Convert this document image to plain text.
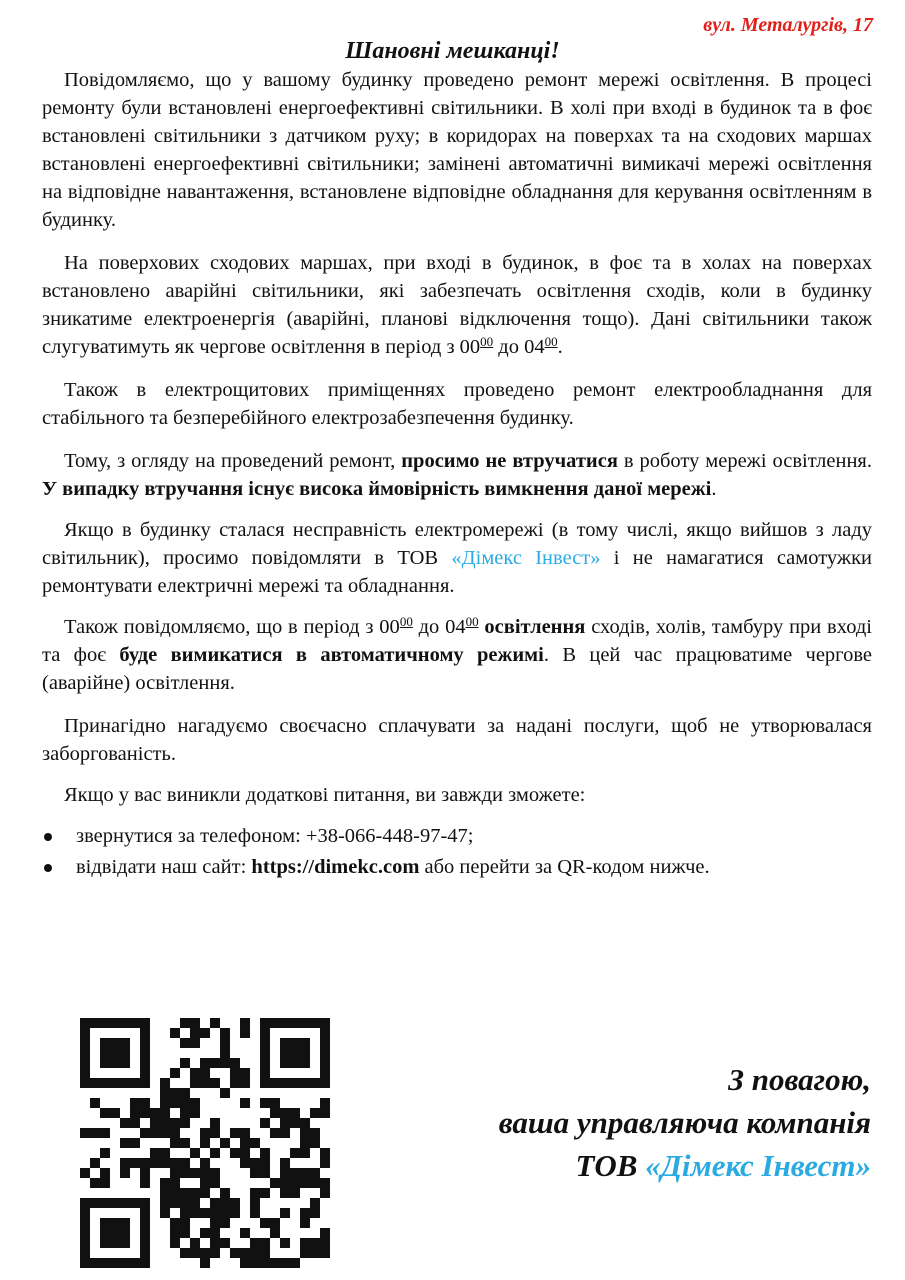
вул. Металургів, 17
Шановні мешканці!

Повідомляємо, що у вашому будинку проведено ремонт мережі освітлення. В процесі ремонту були встановлені енергоефективні світильники. В холі при вході в будинок та в фоє встановлені світильники з датчиком руху; в коридорах на поверхах та на сходових маршах встановлені енергоефективні світильники; замінені автоматичні вимикачі мережі освітлення на відповідне навантаження, встановлене відповідне обладнання для керування освітленням в будинку.

На поверхових сходових маршах, при вході в будинок, в фоє та в холах на поверхах встановлено аварійні світильники, які забезпечать освітлення сходів, коли в будинку зникатиме електроенергія (аварійні, планові відключення тощо). Дані світильники також слугуватимуть як чергове освітлення в період з $00^{00}$ до $04^{00}$.

Також в електрощитових приміщеннях проведено ремонт електрообладнання для стабільного та безперебійного електрозабезпечення будинку.

Тому, з огляду на проведений ремонт, просимо не втручатися в роботу мережі освітлення. У випадку втручання існує висока ймовірність вимкнення даної мережі.

Якщо в будинку сталася несправність електромережі (в тому числі, якщо вийшов з ладу світильник), просимо повідомляти в ТОВ «Дімекс Інвест» і не намагатися самотужки ремонтувати електричні мережі та обладнання.

Також повідомляємо, що в період з $00^{00}$ до $04^{00}$ освітлення сходів, холів, тамбуру при вході та фоє буде вимикатися в автоматичному режимі. В цей час працюватиме чергове (аварійне) освітлення.

Принагідно нагадуємо своєчасно сплачувати за надані послуги, щоб не утворювалася заборгованість.

Якщо у вас виникли додаткові питання, ви завжди зможете:

звернутися за телефоном: +38-066-448-97-47;
відвідати наш сайт: https://dimekc.com або перейти за QR-кодом нижче.
З повагою,
ваша управляюча компанія
ТОВ «Дімекс Інвест»
